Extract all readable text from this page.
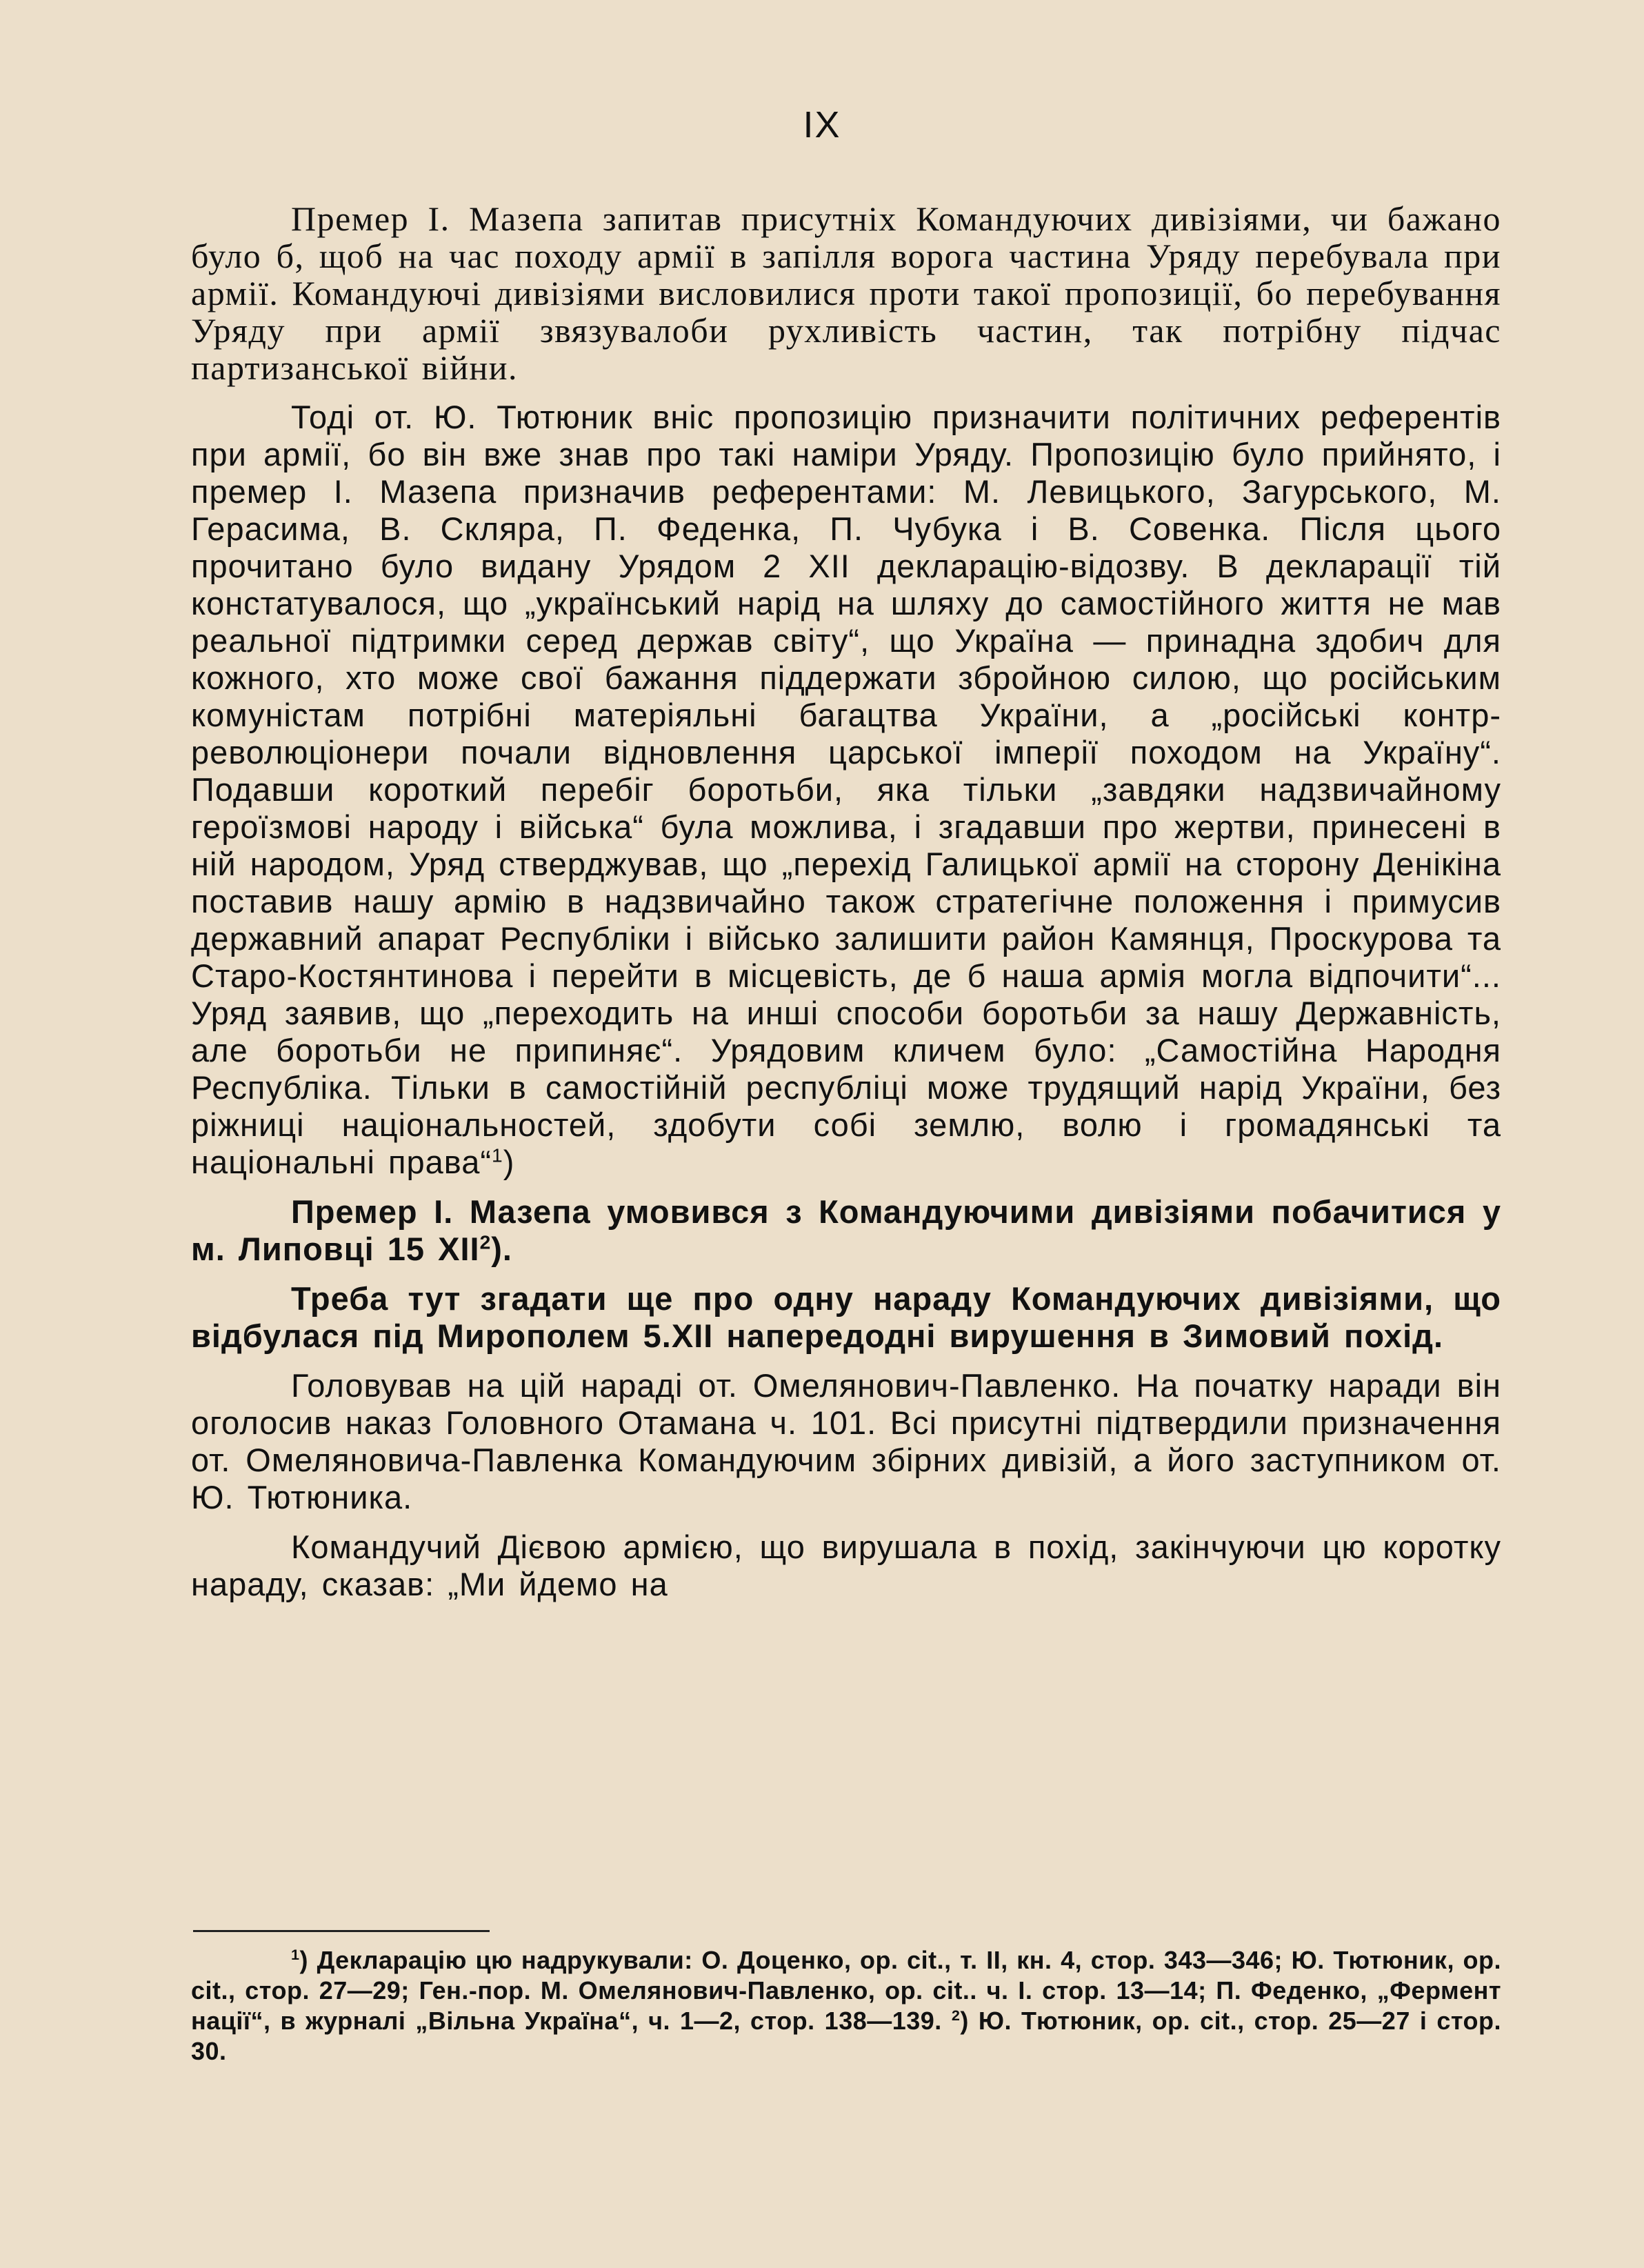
IX

Премер І. Мазепа запитав присутніх Командуючих дивізіями, чи бажано було б, щоб на час походу армії в запілля ворога частина Уряду перебувала при армії. Командуючі дивізіями висловилися проти такої пропозиції, бо перебування Уряду при армії звязувалоби рухливість частин, так потрібну підчас партизанської війни.

Тоді от. Ю. Тютюник вніс пропозицію призначити політичних референтів при армії, бо він вже знав про такі наміри Уряду. Пропозицію було прийнято, і премер І. Мазепа призначив референтами: М. Левицького, Загурського, М. Герасима, В. Скляра, П. Феденка, П. Чубука і В. Совенка. Після цього прочитано було видану Урядом 2 XII декларацію-відозву. В декларації тій констатувалося, що „український нарід на шляху до самостійного життя не мав реальної підтримки серед держав світу“, що Україна — принадна здобич для кожного, хто може свої бажання піддержати збройною силою, що російським комуністам потрібні матеріяльні багацтва України, а „російські контр-революціонери почали відновлення царської імперії походом на Україну“. Подавши короткий перебіг боротьби, яка тільки „завдяки надзвичайному героїзмові народу і війська“ була можлива, і згадавши про жертви, принесені в ній народом, Уряд стверджував, що „перехід Галицької армії на сторону Денікіна поставив нашу армію в надзвичайно також стратегічне положення і примусив державний апарат Республіки і військо залишити район Камянця, Проскурова та Старо-Костянтинова і перейти в місцевість, де б наша армія могла відпочити“... Уряд заявив, що „переходить на инші способи боротьби за нашу Державність, але боротьби не припиняє“. Урядовим кличем було: „Самостійна Народня Республіка. Тільки в самостійній республіці може трудящий нарід України, без ріжниці національностей, здобути собі землю, волю і громадянські та національні права“$^1$)

Премер І. Мазепа умовився з Командуючими дивізіями побачитися у м. Липовці 15 XII$^2$).

Треба тут згадати ще про одну нараду Командуючих дивізіями, що відбулася під Мирополем 5.XII напередодні вирушення в Зимовий похід.

Головував на цій нараді от. Омелянович-Павленко. На початку наради він оголосив наказ Головного Отамана ч. 101. Всі присутні підтвердили призначення от. Омеляновича-Павленка Командуючим збірних дивізій, а його заступником от. Ю. Тютюника.

Командучий Дієвою армією, що вирушала в похід, закінчуючи цю коротку нараду, сказав: „Ми йдемо на

$^1$) Декларацію цю надрукували: О. Доценко, ор. cit., т. II, кн. 4, стор. 343—346; Ю. Тютюник, ор. cit., стор. 27—29; Ген.-пор. М. Омелянович-Павленко, ор. cit.. ч. І. стор. 13—14; П. Феденко, „Фермент нації“, в журналі „Вільна Україна“, ч. 1—2, стор. 138—139. $^2$) Ю. Тютюник, ор. cit., стор. 25—27 і стор. 30.
